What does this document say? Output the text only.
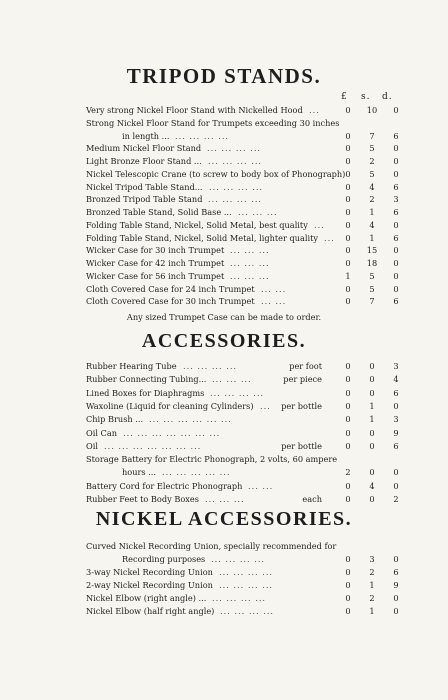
TRIPOD STANDS.
£ s. d.
Very strong Nickel Floor Stand with Nickelled Hood ...	0	10	0
Strong Nickel Floor Stand for Trumpets exceeding 30 inches
in length ... ... ... ... ...	0	7	6
Medium Nickel Floor Stand ... ... ... ...	0	5	0
Light Bronze Floor Stand ... ... ... ... ...	0	2	0
Nickel Telescopic Crane (to screw to body box of Phonograph) 0	5	0
Nickel Tripod Table Stand... ... ... ... ...	0	4	6
Bronzed Tripod Table Stand ... ... ... ...	0	2	3
Bronzed Table Stand, Solid Base ... ... ... ...	0	1	6
Folding Table Stand, Nickel, Solid Metal, best quality ...	0	4	0
Folding Table Stand, Nickel, Solid Metal, lighter quality ...	0	1	6
Wicker Case for 30 inch Trumpet ... ... ...	0	15	0
Wicker Case for 42 inch Trumpet ... ... ...	0	18	0
Wicker Case for 56 inch Trumpet ... ... ...	1	5	0
Cloth Covered Case for 24 inch Trumpet ... ...	0	5	0
Cloth Covered Case for 30 inch Trumpet ... ...	0	7	6
Any sized Trumpet Case can be made to order.
ACCESSORIES.
Rubber Hearing Tube ... ... ... ...	per foot	0	0	3
Rubber Connecting Tubing... ... ... ...	per piece	0	0	4
Lined Boxes for Diaphragms ... ... ... ...	0	0	6
Waxoline (Liquid for cleaning Cylinders) ...	per bottle	0	1	0
Chip Brush ... ... ... ... ... ... ...	0	1	3
Oil Can ... ... ... ... ... ... ...	0	0	9
Oil ... ... ... ... ... ... ...	per bottle	0	0	6
Storage Battery for Electric Phonograph, 2 volts, 60 ampere
hours ... ... ... ... ... ...	2	0	0
Battery Cord for Electric Phonograph ... ...	0	4	0
Rubber Feet to Body Boxes ... ... ...	each	0	0	2
NICKEL ACCESSORIES.
Curved Nickel Recording Union, specially recommended for
Recording purposes ... ... ... ...	0	3	0
3-way Nickel Recording Union ... ... ... ...	0	2	6
2-way Nickel Recording Union ... ... ... ...	0	1	9
Nickel Elbow (right angle) ... ... ... ... ...	0	2	0
Nickel Elbow (half right angle) ... ... ... ...	0	1	0
